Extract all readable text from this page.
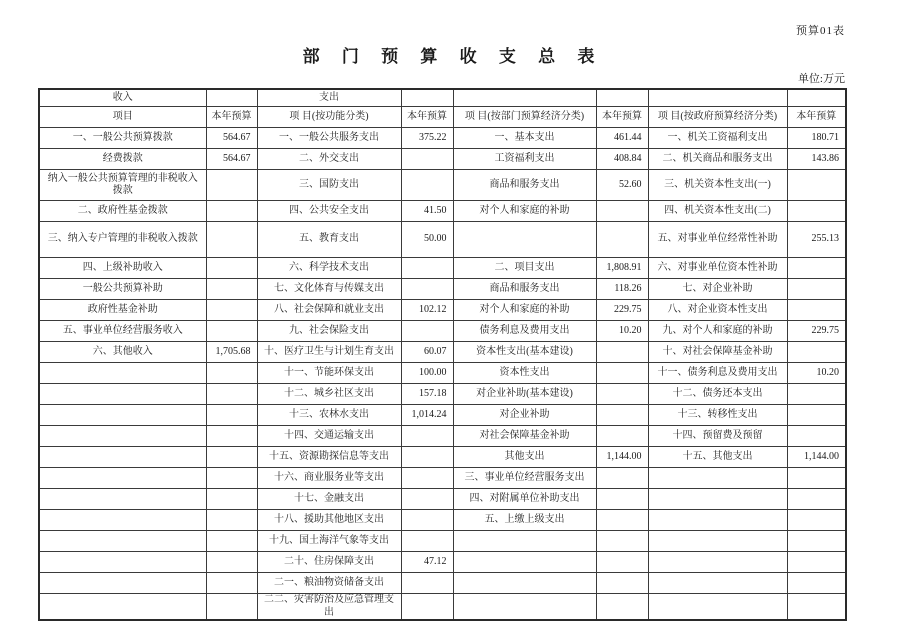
预算01表
部 门 预 算 收 支 总 表
单位:万元
收入		支出					
项目	本年预算	项 目(按功能分类)	本年预算	项 目(按部门预算经济分类)	本年预算	项 目(按政府预算经济分类)	本年预算
一、一般公共预算拨款	564.67	一、一般公共服务支出	375.22	一、基本支出	461.44	一、机关工资福利支出	180.71
经费拨款	564.67	二、外交支出		工资福利支出	408.84	二、机关商品和服务支出	143.86
纳入一般公共预算管理的非税收入拨款		三、国防支出		商品和服务支出	52.60	三、机关资本性支出(一)	
二、政府性基金拨款		四、公共安全支出	41.50	对个人和家庭的补助		四、机关资本性支出(二)	
三、纳入专户管理的非税收入拨款		五、教育支出	50.00			五、对事业单位经常性补助	255.13
四、上级补助收入		六、科学技术支出		二、项目支出	1,808.91	六、对事业单位资本性补助	
一般公共预算补助		七、文化体育与传媒支出		商品和服务支出	118.26	七、对企业补助	
政府性基金补助		八、社会保障和就业支出	102.12	对个人和家庭的补助	229.75	八、对企业资本性支出	
五、事业单位经营服务收入		九、社会保险支出		债务利息及费用支出	10.20	九、对个人和家庭的补助	229.75
六、其他收入	1,705.68	十、医疗卫生与计划生育支出	60.07	资本性支出(基本建设)		十、对社会保障基金补助	
		十一、节能环保支出	100.00	资本性支出		十一、债务利息及费用支出	10.20
		十二、城乡社区支出	157.18	对企业补助(基本建设)		十二、债务还本支出	
		十三、农林水支出	1,014.24	对企业补助		十三、转移性支出	
		十四、交通运输支出		对社会保障基金补助		十四、预留费及预留	
		十五、资源勘探信息等支出		其他支出	1,144.00	十五、其他支出	1,144.00
		十六、商业服务业等支出		三、事业单位经营服务支出			
		十七、金融支出		四、对附属单位补助支出			
		十八、援助其他地区支出		五、上缴上级支出			
		十九、国土海洋气象等支出					
		二十、住房保障支出	47.12				
		二一、粮油物资储备支出					
		二二、灾害防治及应急管理支出					
